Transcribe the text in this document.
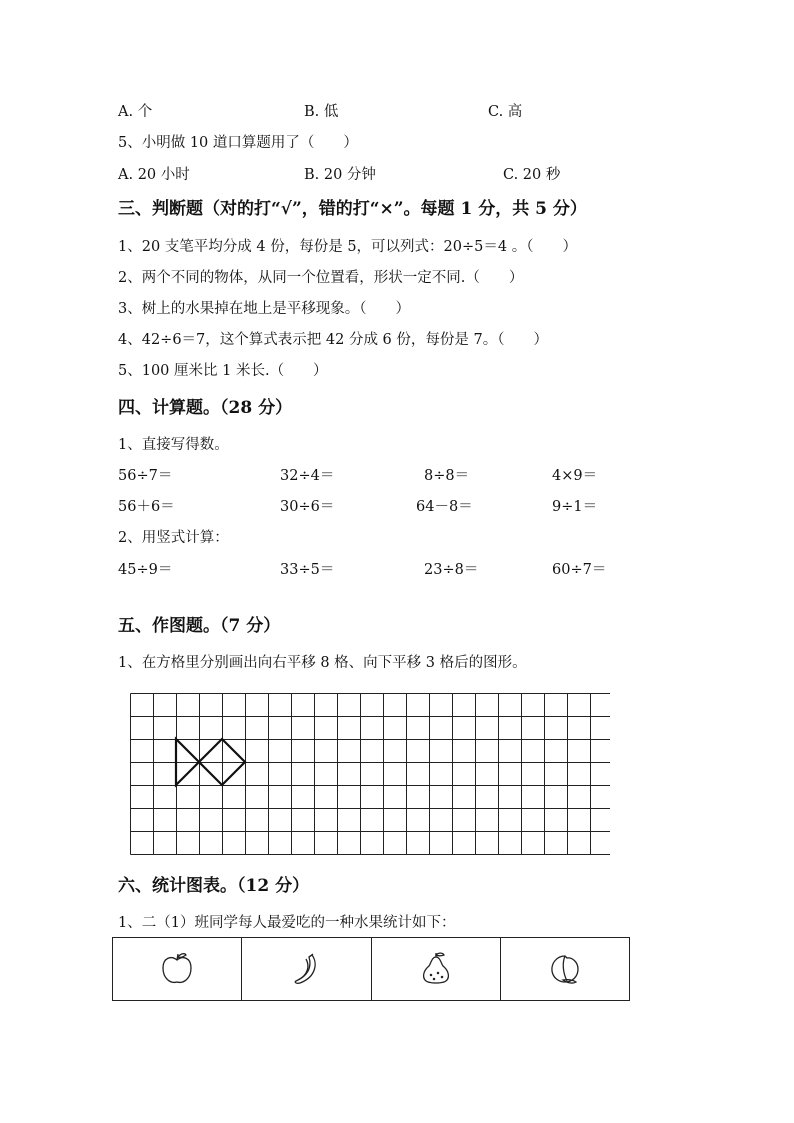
A. 个	B. 低	C. 高
5、小明做 10 道口算题用了（　　）
A. 20 小时	B. 20 分钟	C. 20 秒
三、判断题（对的打“√”，错的打“×”。每题 1 分，共 5 分）
1、20 支笔平均分成 4 份，每份是 5，可以列式：20÷5＝4 。（　　）
2、两个不同的物体，从同一个位置看，形状一定不同.（　　）
3、树上的水果掉在地上是平移现象。（　　）
4、42÷6＝7，这个算式表示把 42 分成 6 份，每份是 7。（　　）
5、100 厘米比 1 米长.（　　）
四、计算题。（28 分）
1、直接写得数。
56÷7＝	32÷4＝	8÷8＝	4×9＝
56＋6＝	30÷6＝	64－8＝	9÷1＝
2、用竖式计算：
45÷9＝	33÷5＝	23÷8＝	60÷7＝
五、作图题。（7 分）
1、在方格里分别画出向右平移 8 格、向下平移 3 格后的图形。
六、统计图表。（12 分）
1、二（1）班同学每人最爱吃的一种水果统计如下：
